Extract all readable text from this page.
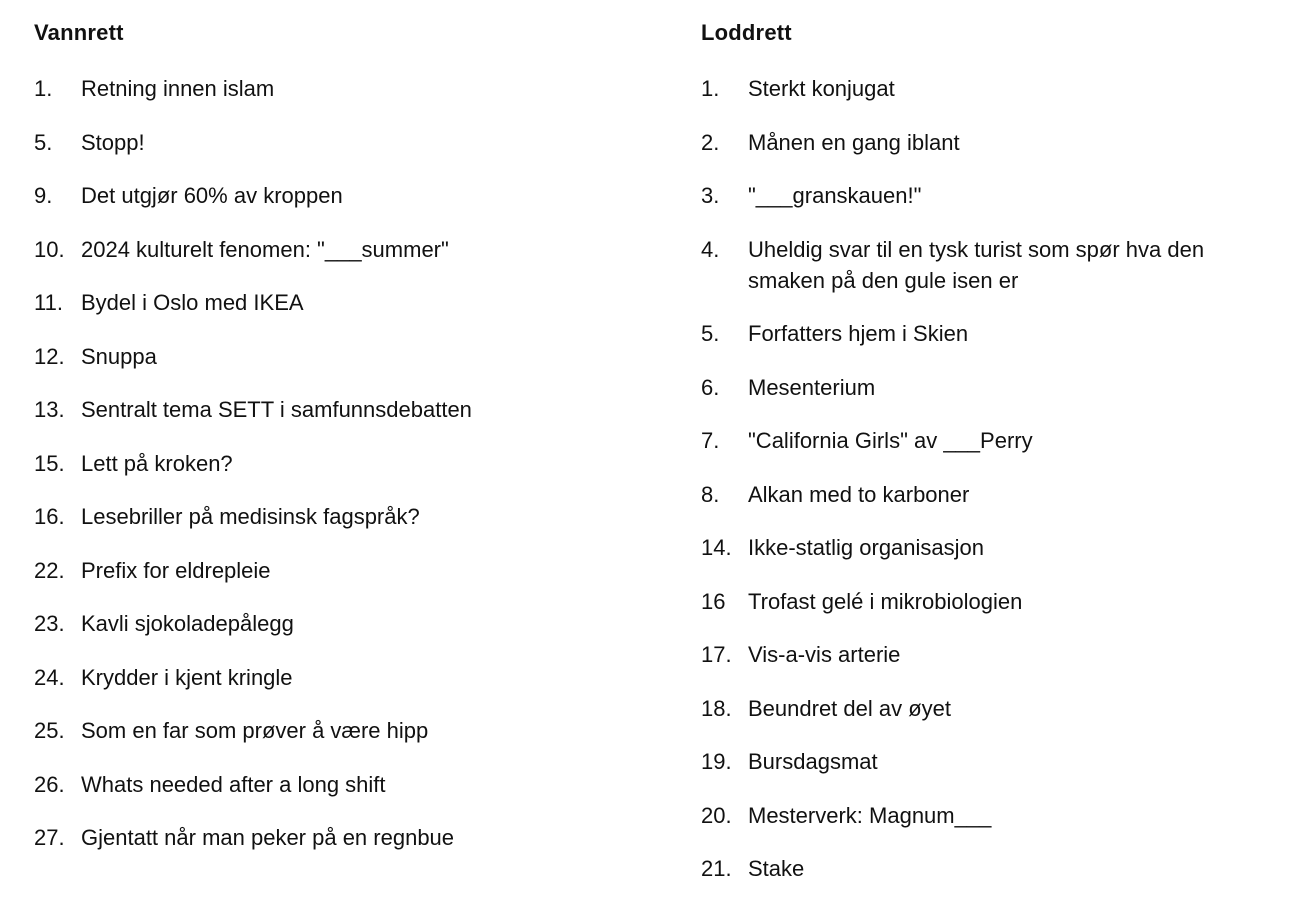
Vannrett
1.	Retning innen islam
5.	Stopp!
9.	Det utgjør 60% av kroppen
10. 2024 kulturelt fenomen: "___summer"
11. Bydel i Oslo med IKEA
12. Snuppa
13. Sentralt tema SETT i samfunnsdebatten
15. Lett på kroken?
16. Lesebriller på medisinsk fagspråk?
22. Prefix for eldrepleie
23. Kavli sjokoladepålegg
24. Krydder i kjent kringle
25. Som en far som prøver å være hipp
26. Whats needed after a long shift
27. Gjentatt når man peker på en regnbue
Loddrett
1.	Sterkt konjugat
2.	Månen en gang iblant
3.	"___granskauen!"
4.	Uheldig svar til en tysk turist som spør hva den smaken på den gule isen er
5.	Forfatters hjem i Skien
6.	Mesenterium
7.	"California Girls" av ___Perry
8.	Alkan med to karboner
14. Ikke-statlig organisasjon
16	Trofast gelé i mikrobiologien
17. Vis-a-vis arterie
18. Beundret del av øyet
19. Bursdagsmat
20. Mesterverk: Magnum___
21. Stake
